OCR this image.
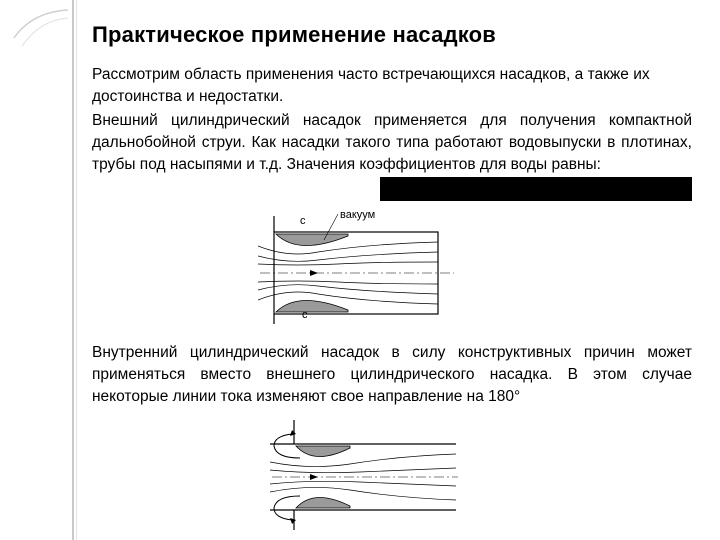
Практическое применение насадков
Рассмотрим область применения часто встречающихся насадков, а также их достоинства и недостатки.
Внешний цилиндрический насадок применяется для получения компактной дальнобойной струи. Как насадки такого типа работают водовыпуски в плотинах, трубы под насыпями и т.д. Значения коэффициентов для воды равны:
вакуум
с
с
Внутренний цилиндрический насадок в силу конструктивных причин может применяться вместо внешнего цилиндрического насадка. В этом случае некоторые линии тока изменяют свое направление на 180°
